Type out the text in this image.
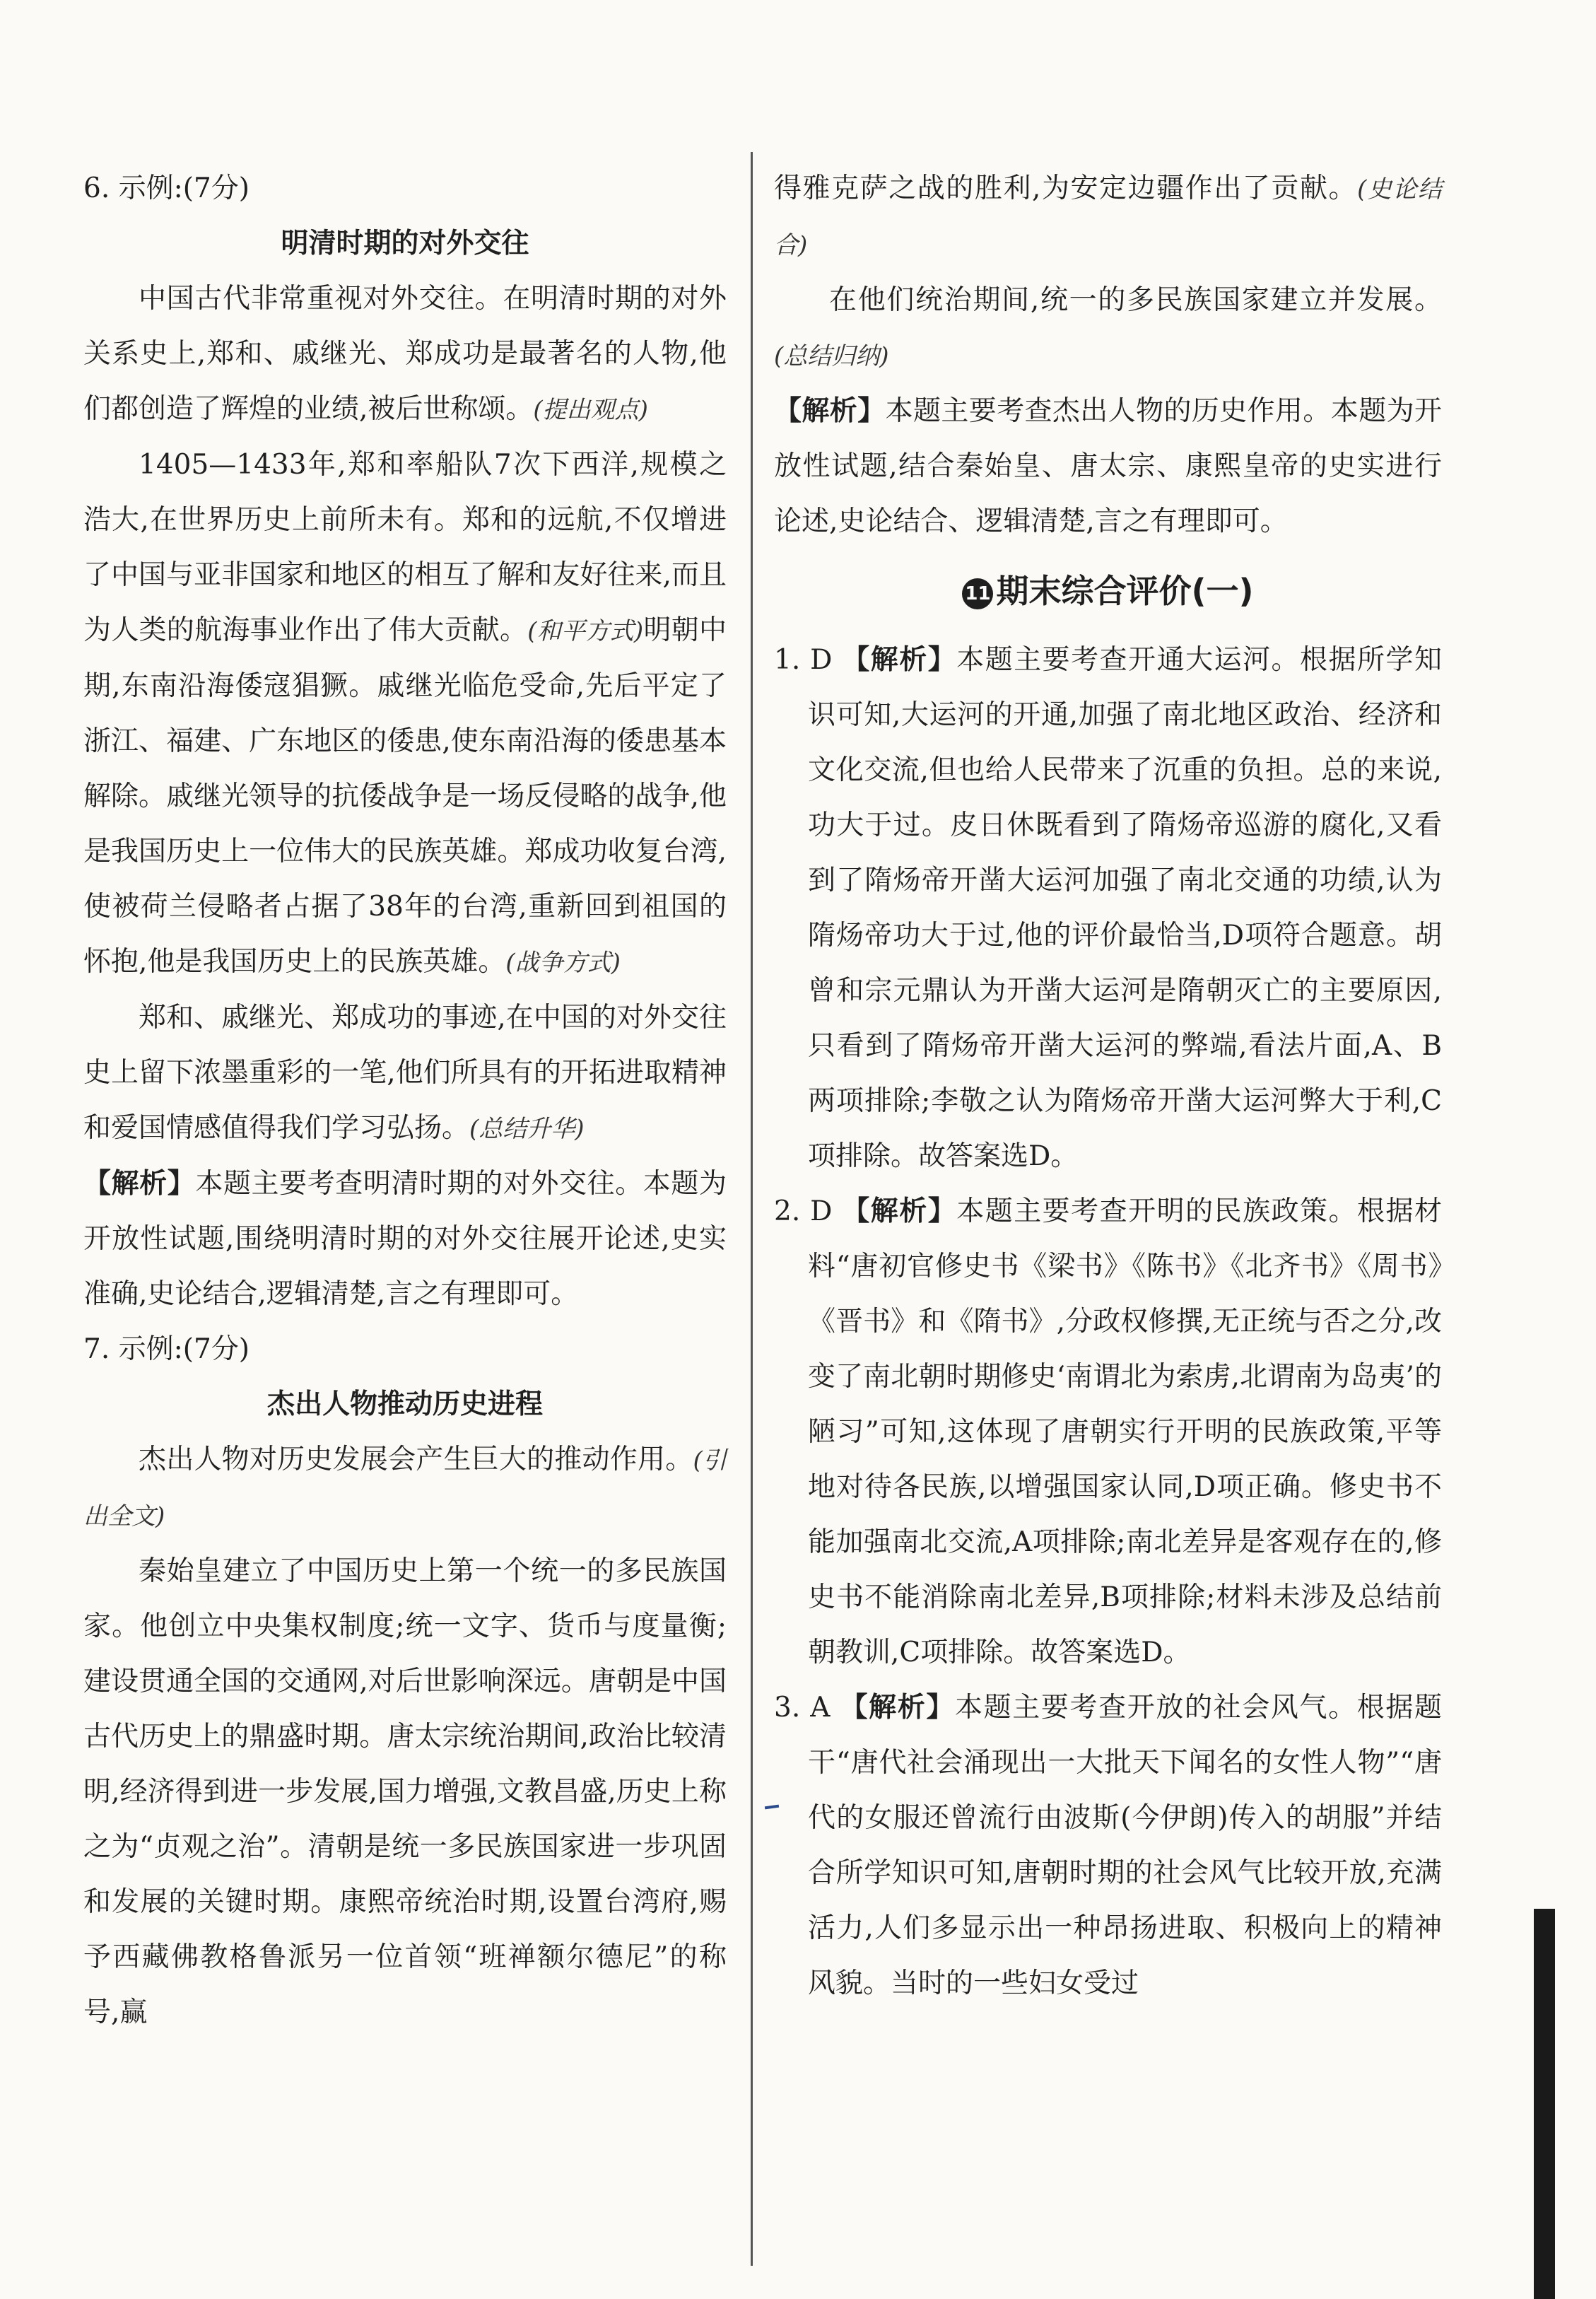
6. 示例:(7分)

明清时期的对外交往

中国古代非常重视对外交往。在明清时期的对外关系史上,郑和、戚继光、郑成功是最著名的人物,他们都创造了辉煌的业绩,被后世称颂。(提出观点)

1405—1433年,郑和率船队7次下西洋,规模之浩大,在世界历史上前所未有。郑和的远航,不仅增进了中国与亚非国家和地区的相互了解和友好往来,而且为人类的航海事业作出了伟大贡献。(和平方式)明朝中期,东南沿海倭寇猖獗。戚继光临危受命,先后平定了浙江、福建、广东地区的倭患,使东南沿海的倭患基本解除。戚继光领导的抗倭战争是一场反侵略的战争,他是我国历史上一位伟大的民族英雄。郑成功收复台湾,使被荷兰侵略者占据了38年的台湾,重新回到祖国的怀抱,他是我国历史上的民族英雄。(战争方式)

郑和、戚继光、郑成功的事迹,在中国的对外交往史上留下浓墨重彩的一笔,他们所具有的开拓进取精神和爱国情感值得我们学习弘扬。(总结升华)

【解析】本题主要考查明清时期的对外交往。本题为开放性试题,围绕明清时期的对外交往展开论述,史实准确,史论结合,逻辑清楚,言之有理即可。

7. 示例:(7分)

杰出人物推动历史进程

杰出人物对历史发展会产生巨大的推动作用。(引出全文)

秦始皇建立了中国历史上第一个统一的多民族国家。他创立中央集权制度;统一文字、货币与度量衡;建设贯通全国的交通网,对后世影响深远。唐朝是中国古代历史上的鼎盛时期。唐太宗统治期间,政治比较清明,经济得到进一步发展,国力增强,文教昌盛,历史上称之为“贞观之治”。清朝是统一多民族国家进一步巩固和发展的关键时期。康熙帝统治时期,设置台湾府,赐予西藏佛教格鲁派另一位首领“班禅额尔德尼”的称号,赢

得雅克萨之战的胜利,为安定边疆作出了贡献。(史论结合)

在他们统治期间,统一的多民族国家建立并发展。(总结归纳)

【解析】本题主要考查杰出人物的历史作用。本题为开放性试题,结合秦始皇、唐太宗、康熙皇帝的史实进行论述,史论结合、逻辑清楚,言之有理即可。

11 期末综合评价(一)

1. D 【解析】本题主要考查开通大运河。根据所学知识可知,大运河的开通,加强了南北地区政治、经济和文化交流,但也给人民带来了沉重的负担。总的来说,功大于过。皮日休既看到了隋炀帝巡游的腐化,又看到了隋炀帝开凿大运河加强了南北交通的功绩,认为隋炀帝功大于过,他的评价最恰当,D项符合题意。胡曾和宗元鼎认为开凿大运河是隋朝灭亡的主要原因,只看到了隋炀帝开凿大运河的弊端,看法片面,A、B两项排除;李敬之认为隋炀帝开凿大运河弊大于利,C项排除。故答案选D。

2. D 【解析】本题主要考查开明的民族政策。根据材料“唐初官修史书《梁书》《陈书》《北齐书》《周书》《晋书》和《隋书》,分政权修撰,无正统与否之分,改变了南北朝时期修史‘南谓北为索虏,北谓南为岛夷’的陋习”可知,这体现了唐朝实行开明的民族政策,平等地对待各民族,以增强国家认同,D项正确。修史书不能加强南北交流,A项排除;南北差异是客观存在的,修史书不能消除南北差异,B项排除;材料未涉及总结前朝教训,C项排除。故答案选D。

3. A 【解析】本题主要考查开放的社会风气。根据题干“唐代社会涌现出一大批天下闻名的女性人物”“唐代的女服还曾流行由波斯(今伊朗)传入的胡服”并结合所学知识可知,唐朝时期的社会风气比较开放,充满活力,人们多显示出一种昂扬进取、积极向上的精神风貌。当时的一些妇女受过
